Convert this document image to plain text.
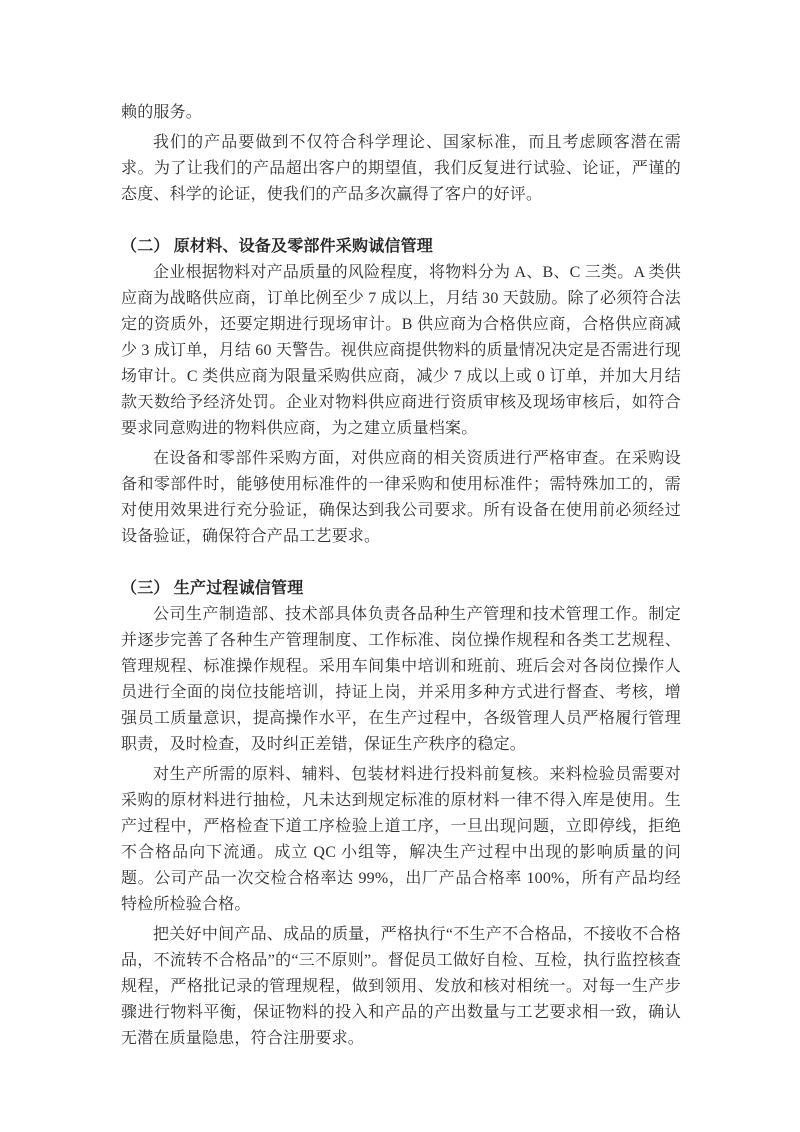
赖的服务。

我们的产品要做到不仅符合科学理论、国家标准，而且考虑顾客潜在需求。为了让我们的产品超出客户的期望值，我们反复进行试验、论证，严谨的态度、科学的论证，使我们的产品多次赢得了客户的好评。

（二） 原材料、设备及零部件采购诚信管理

企业根据物料对产品质量的风险程度，将物料分为 A、B、C 三类。A 类供应商为战略供应商，订单比例至少 7 成以上，月结 30 天鼓励。除了必须符合法定的资质外，还要定期进行现场审计。B 供应商为合格供应商，合格供应商减少 3 成订单，月结 60 天警告。视供应商提供物料的质量情况决定是否需进行现场审计。C 类供应商为限量采购供应商，减少 7 成以上或 0 订单，并加大月结款天数给予经济处罚。企业对物料供应商进行资质审核及现场审核后，如符合要求同意购进的物料供应商，为之建立质量档案。

在设备和零部件采购方面，对供应商的相关资质进行严格审查。在采购设备和零部件时，能够使用标准件的一律采购和使用标准件；需特殊加工的，需对使用效果进行充分验证，确保达到我公司要求。所有设备在使用前必须经过设备验证，确保符合产品工艺要求。

（三） 生产过程诚信管理

公司生产制造部、技术部具体负责各品种生产管理和技术管理工作。制定并逐步完善了各种生产管理制度、工作标准、岗位操作规程和各类工艺规程、管理规程、标准操作规程。采用车间集中培训和班前、班后会对各岗位操作人员进行全面的岗位技能培训，持证上岗，并采用多种方式进行督查、考核，增强员工质量意识，提高操作水平，在生产过程中，各级管理人员严格履行管理职责，及时检查，及时纠正差错，保证生产秩序的稳定。

对生产所需的原料、辅料、包装材料进行投料前复核。来料检验员需要对采购的原材料进行抽检，凡未达到规定标准的原材料一律不得入库是使用。生产过程中，严格检查下道工序检验上道工序，一旦出现问题，立即停线，拒绝不合格品向下流通。成立 QC 小组等，解决生产过程中出现的影响质量的问题。公司产品一次交检合格率达 99%，出厂产品合格率 100%，所有产品均经特检所检验合格。

把关好中间产品、成品的质量，严格执行“不生产不合格品，不接收不合格品，不流转不合格品”的“三不原则”。督促员工做好自检、互检，执行监控核查规程，严格批记录的管理规程，做到领用、发放和核对相统一。对每一生产步骤进行物料平衡，保证物料的投入和产品的产出数量与工艺要求相一致，确认无潜在质量隐患，符合注册要求。
